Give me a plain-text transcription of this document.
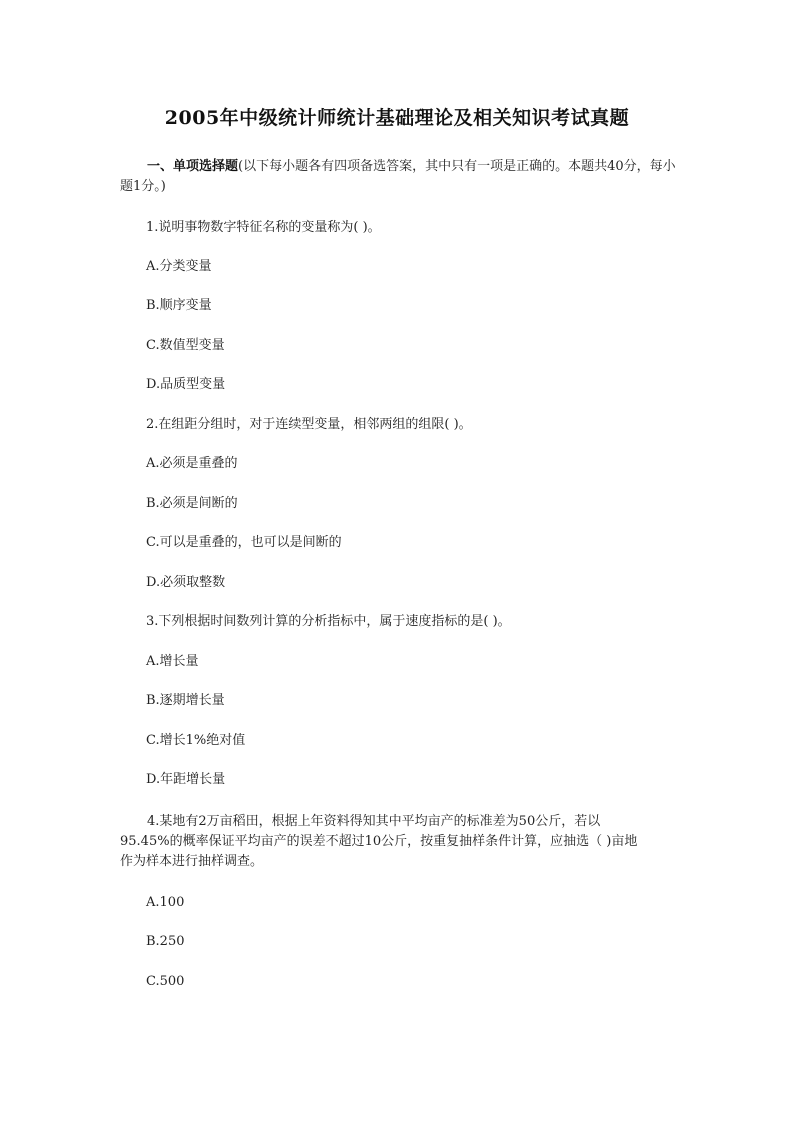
2005年中级统计师统计基础理论及相关知识考试真题
一、单项选择题(以下每小题各有四项备选答案，其中只有一项是正确的。本题共40分，每小题1分。)
1.说明事物数字特征名称的变量称为( )。
A.分类变量
B.顺序变量
C.数值型变量
D.品质型变量
2.在组距分组时，对于连续型变量，相邻两组的组限( )。
A.必须是重叠的
B.必须是间断的
C.可以是重叠的，也可以是间断的
D.必须取整数
3.下列根据时间数列计算的分析指标中，属于速度指标的是( )。
A.增长量
B.逐期增长量
C.增长1%绝对值
D.年距增长量
4.某地有2万亩稻田，根据上年资料得知其中平均亩产的标准差为50公斤，若以
95.45%的概率保证平均亩产的误差不超过10公斤，按重复抽样条件计算，应抽选（ )亩地
作为样本进行抽样调查。
A.100
B.250
C.500
